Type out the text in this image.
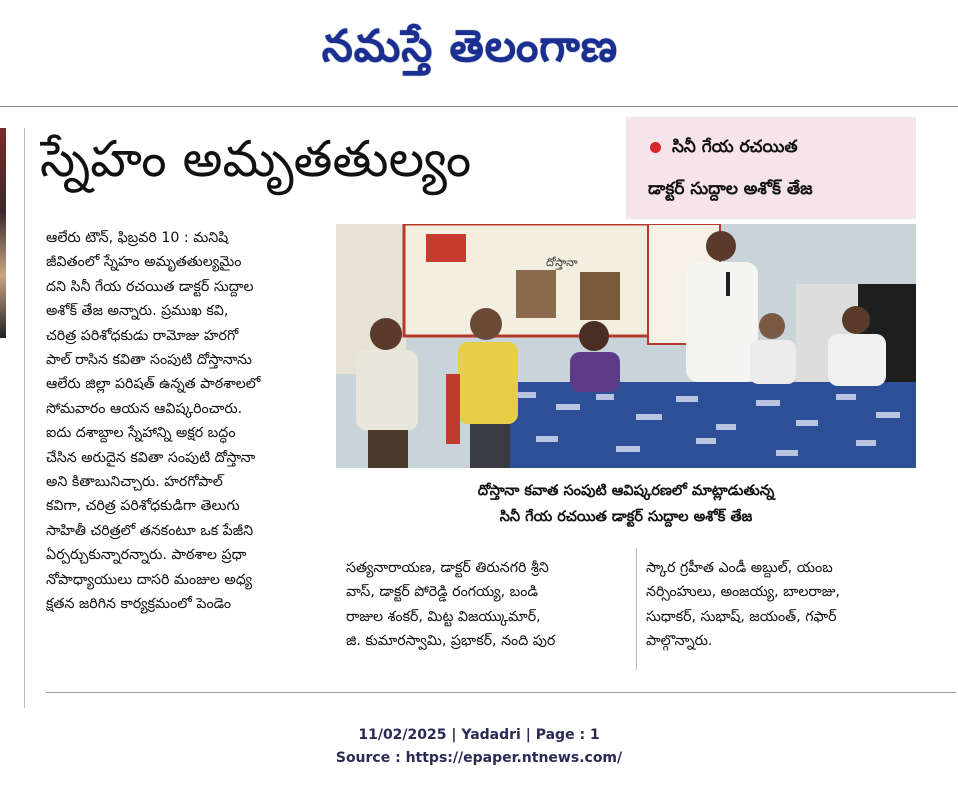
నమస్తే తెలంగాణ
స్నేహం అమృతతుల్యం	సినీ గేయ రచయిత
డాక్టర్ సుద్దాల అశోక్ తేజ
ఆలేరు టౌన్, ఫిబ్రవరి 10 : మనిషి
జీవితంలో స్నేహం అమృతతుల్యమైం
దని సినీ గేయ రచయిత డాక్టర్ సుద్దాల
అశోక్ తేజ అన్నారు. ప్రముఖ కవి,
చరిత్ర పరిశోధకుడు రామోజు హరగో
పాల్ రాసిన కవితా సంపుటి దోస్తానాను
ఆలేరు జిల్లా పరిషత్ ఉన్నత పాఠశాలలో
సోమవారం ఆయన ఆవిష్కరించారు.
ఐదు దశాబ్దాల స్నేహాన్ని అక్షర బద్ధం
చేసిన అరుదైన కవితా సంపుటి దోస్తానా
అని కితాబునిచ్చారు. హరగోపాల్
కవిగా, చరిత్ర పరిశోధకుడిగా తెలుగు
సాహితీ చరిత్రలో తనకంటూ ఒక పేజీని
ఏర్పర్చుకున్నారన్నారు. పాఠశాల ప్రధా
నోపాధ్యాయులు దాసరి మంజుల అధ్య
క్షతన జరిగిన కార్యక్రమంలో పెండెం
దోస్తానా
దోస్తానా కవాత సంపుటి ఆవిష్కరణలో మాట్లాడుతున్న
సినీ గేయ రచయిత డాక్టర్ సుద్దాల అశోక్ తేజ
సత్యనారాయణ, డాక్టర్ తిరునగరి శ్రీని
వాస్, డాక్టర్ పోరెడ్డి రంగయ్య, బండి
రాజుల శంకర్, మిట్ట విజయ్కుమార్,
జి. కుమారస్వామి, ప్రభాకర్, నంది పుర
స్కార గ్రహీత ఎండీ అబ్దుల్, యంబ
నర్సింహులు, అంజయ్య, బాలరాజు,
సుధాకర్, సుభాష్, జయంత్, గఫార్
పాల్గొన్నారు.
11/02/2025 | Yadadri | Page : 1
Source : https://epaper.ntnews.com/
